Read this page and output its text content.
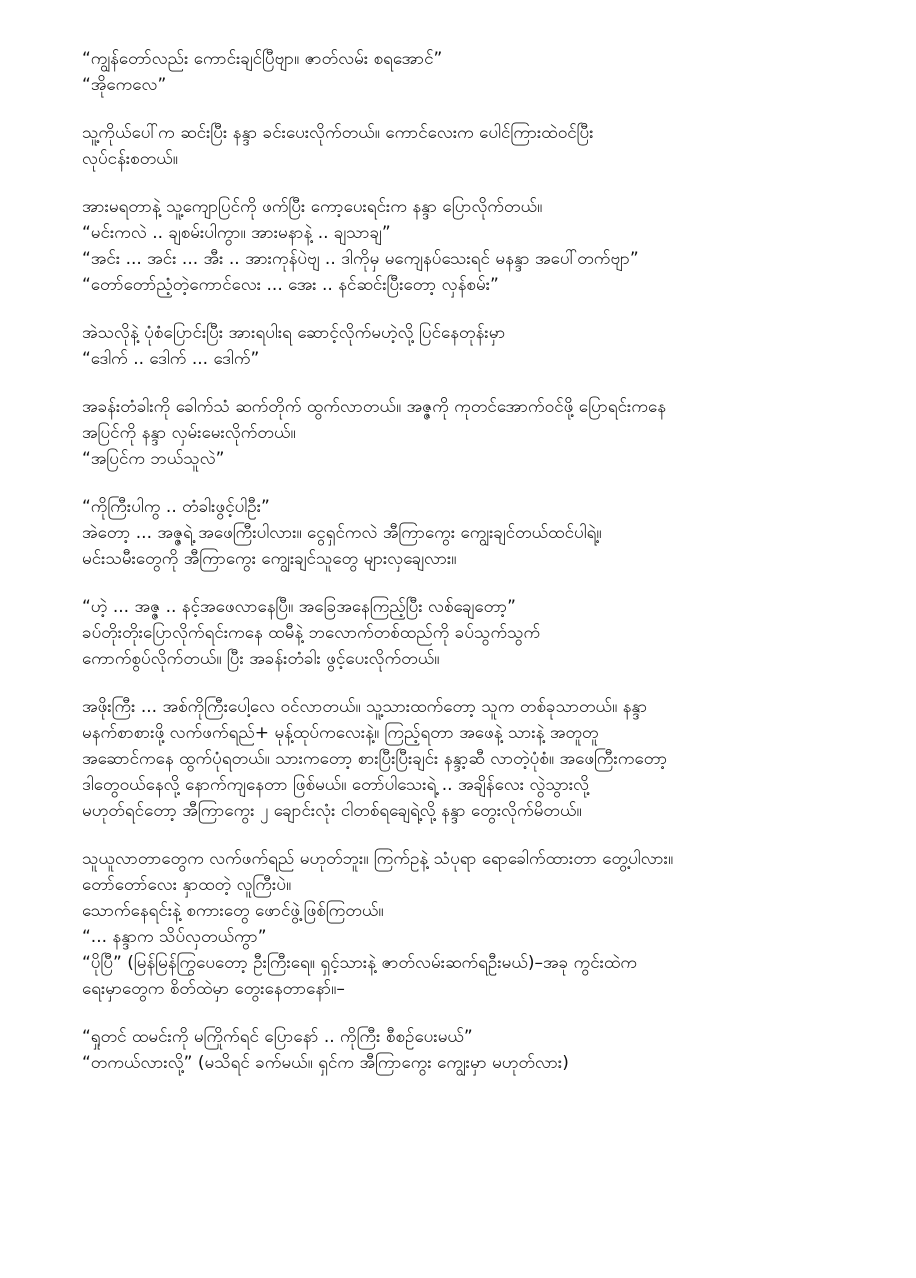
“ကျွန်တော်လည်း ကောင်းချင်ပြီဗျာ။ ဇာတ်လမ်း စရအောင်”
“အိုကေလေ”

သူ့ကိုယ်ပေါ်က ဆင်းပြီး နန္ဒာ ခင်းပေးလိုက်တယ်။ ကောင်လေးက ပေါင်ကြားထဲဝင်ပြီး
လုပ်ငန်းစတယ်။

အားမရတာနဲ့ သူ့ကျောပြင်ကို ဖက်ပြီး ကော့ပေးရင်းက နန္ဒာ ပြောလိုက်တယ်။
“မင်းကလဲ .. ချစမ်းပါကွာ။ အားမနာနဲ့ .. ချသာချ”
“အင်း ... အင်း ... အီး .. အားကုန်ပဲဗျ .. ဒါကိုမှ မကျေနပ်သေးရင် မနန္ဒာ အပေါ်တက်ဗျာ”
“တော်တော်ညံ့တဲ့ကောင်လေး ... အေး .. နင်ဆင်းပြီးတော့ လှန်စမ်း”

အဲသလိုနဲ့ ပုံစံပြောင်းပြီး အားရပါးရ ဆောင့်လိုက်မဟဲ့လို့ ပြင်နေတုန်းမှာ
“ဒေါက် .. ဒေါက် ... ဒေါက်”

အခန်းတံခါးကို ခေါက်သံ ဆက်တိုက် ထွက်လာတယ်။ အဇ္ဇကို ကုတင်အောက်ဝင်ဖို့ ပြောရင်းကနေ
အပြင်ကို နန္ဒာ လှမ်းမေးလိုက်တယ်။
“အပြင်က ဘယ်သူလဲ”

“ကိုကြီးပါကွ .. တံခါးဖွင့်ပါဦး”
အဲတော့ ... အဇ္ဇရဲ့ အဖေကြီးပါလား။ ငွေရှင်ကလဲ အီကြာကွေး ကျွေးချင်တယ်ထင်ပါရဲ့။
မင်းသမီးတွေကို အီကြာကွေး ကျွေးချင်သူတွေ များလှချေလား။

“ဟဲ့ ... အဇ္ဇ .. နင့်အဖေလာနေပြီ။ အခြေအနေကြည့်ပြီး လစ်ချေတော့”
ခပ်တိုးတိုးပြောလိုက်ရင်းကနေ ထမီနဲ့ ဘလောက်တစ်ထည်ကို ခပ်သွက်သွက်
ကောက်စွပ်လိုက်တယ်။ ပြီး အခန်းတံခါး ဖွင့်ပေးလိုက်တယ်။

အဖိုးကြီး ... အစ်ကိုကြီးပေါ့လေ ဝင်လာတယ်။ သူ့သားထက်တော့ သူက တစ်ခုသာတယ်။ နန္ဒာ
မနက်စာစားဖို့ လက်ဖက်ရည်+ မုန့်ထုပ်ကလေးနဲ့။ ကြည့်ရတာ အဖေနဲ့ သားနဲ့ အတူတူ
အဆောင်ကနေ ထွက်ပုံရတယ်။ သားကတော့ စားပြီးပြီးချင်း နန္ဒာ့ဆီ လာတဲ့ပုံစံ။ အဖေကြီးကတော့
ဒါတွေဝယ်နေလို့ နောက်ကျနေတာ ဖြစ်မယ်။ တော်ပါသေးရဲ့ .. အချိန်လေး လွဲသွားလို့
မဟုတ်ရင်တော့ အီကြာကွေး ၂ ချောင်းလုံး ငါတစ်ရချေရဲ့လို့ နန္ဒာ တွေးလိုက်မိတယ်။

သူယူလာတာတွေက လက်ဖက်ရည် မဟုတ်ဘူး။ ကြက်ဥနဲ့ သံပုရာ ရောခေါက်ထားတာ တွေ့ပါလား။
တော်တော်လေး နှာထတဲ့ လူကြီးပဲ။
သောက်နေရင်းနဲ့ စကားတွေ ဖောင်ဖွဲ့ဖြစ်ကြတယ်။
“... နန္ဒာက သိပ်လှတယ်ကွာ”
“ပိုပြီ” (မြန်မြန်ကြွပေတော့ ဦးကြီးရေ။ ရှင့်သားနဲ့ ဇာတ်လမ်းဆက်ရဦးမယ်)–အခု ကွင်းထဲက
ရေးမှာတွေက စိတ်ထဲမှာ တွေးနေတာနော်။–

“ရှုတင် ထမင်းကို မကြိုက်ရင် ပြောနော် .. ကိုကြီး စီစဉ်ပေးမယ်”
“တကယ်လားလို့” (မသိရင် ခက်မယ်။ ရှင်က အီကြာကွေး ကျွေးမှာ မဟုတ်လား)
